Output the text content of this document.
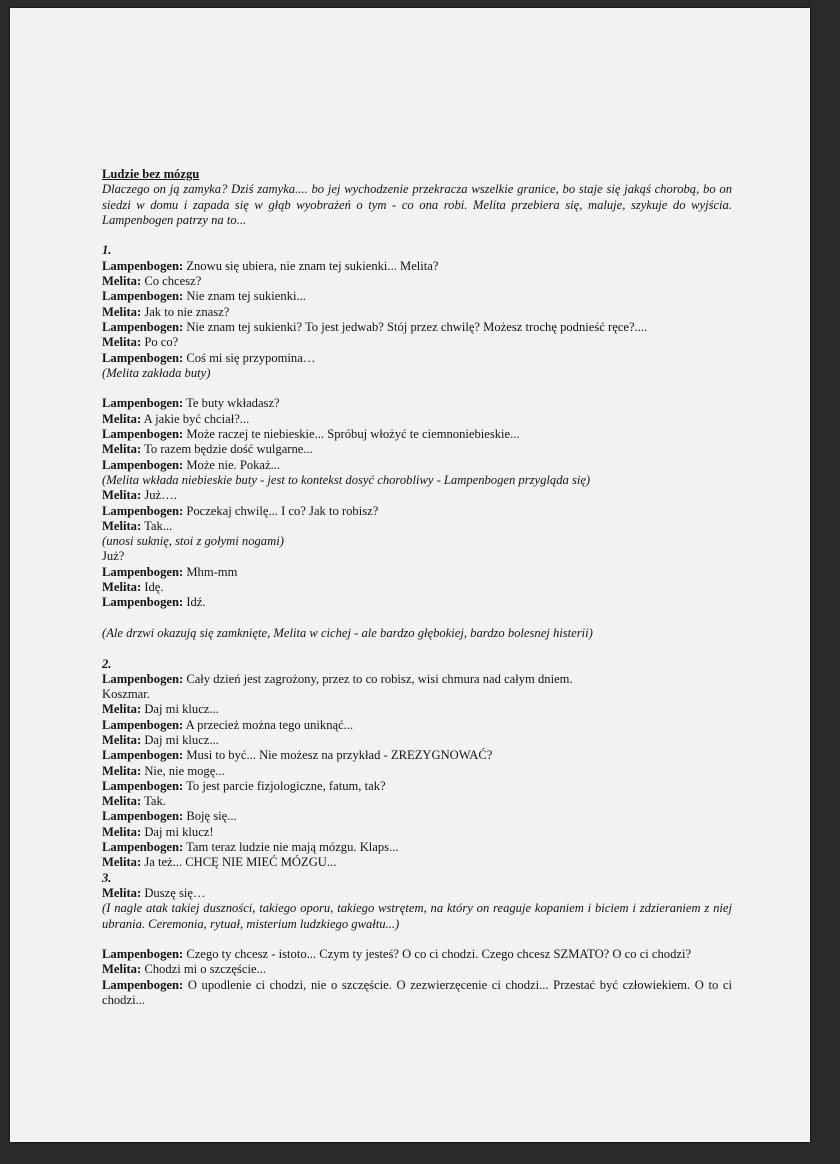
Ludzie bez mózgu
Dlaczego on ją zamyka? Dziś zamyka.... bo jej wychodzenie przekracza wszelkie granice, bo staje się jakąś chorobą, bo on siedzi w domu i zapada się w głąb wyobrażeń o tym - co ona robi. Melita przebiera się, maluje, szykuje do wyjścia. Lampenbogen patrzy na to...
1.
Lampenbogen: Znowu się ubiera, nie znam tej sukienki... Melita?
Melita: Co chcesz?
Lampenbogen: Nie znam tej sukienki...
Melita: Jak to nie znasz?
Lampenbogen: Nie znam tej sukienki? To jest jedwab? Stój przez chwilę? Możesz trochę podnieść ręce?....
Melita: Po co?
Lampenbogen: Coś mi się przypomina…
(Melita zakłada buty)
Lampenbogen: Te buty wkładasz?
Melita: A jakie być chciał?...
Lampenbogen: Może raczej te niebieskie... Spróbuj włożyć te ciemnoniebieskie...
Melita: To razem będzie dość wulgarne...
Lampenbogen: Może nie. Pokaż...
(Melita wkłada niebieskie buty - jest to kontekst dosyć chorobliwy - Lampenbogen przygląda się)
Melita: Już….
Lampenbogen: Poczekaj chwilę... I co? Jak to robisz?
Melita: Tak...
(unosi suknię, stoi z gołymi nogami)
Już?
Lampenbogen: Mhm-mm
Melita: Idę.
Lampenbogen: Idź.
(Ale drzwi okazują się zamknięte, Melita w cichej - ale bardzo głębokiej, bardzo bolesnej histerii)
2.
Lampenbogen: Cały dzień jest zagrożony, przez to co robisz, wisi chmura nad całym dniem.
Koszmar.
Melita: Daj mi klucz...
Lampenbogen: A przecież można tego uniknąć...
Melita: Daj mi klucz...
Lampenbogen: Musi to być... Nie możesz na przykład - ZREZYGNOWAĆ?
Melita: Nie, nie mogę...
Lampenbogen: To jest parcie fizjologiczne, fatum, tak?
Melita: Tak.
Lampenbogen: Boję się...
Melita: Daj mi klucz!
Lampenbogen: Tam teraz ludzie nie mają mózgu. Klaps...
Melita: Ja też... CHCĘ NIE MIEĆ MÓZGU...
3.
Melita: Duszę się…
(I nagle atak takiej duszności, takiego oporu, takiego wstrętem, na który on reaguje kopaniem i biciem i zdzieraniem z niej ubrania. Ceremonia, rytuał, misterium ludzkiego gwałtu...)
Lampenbogen: Czego ty chcesz - istoto... Czym ty jesteś? O co ci chodzi. Czego chcesz SZMATO? O co ci chodzi?
Melita: Chodzi mi o szczęście...
Lampenbogen: O upodlenie ci chodzi, nie o szczęście. O zezwierzęcenie ci chodzi... Przestać być człowiekiem. O to ci chodzi...
